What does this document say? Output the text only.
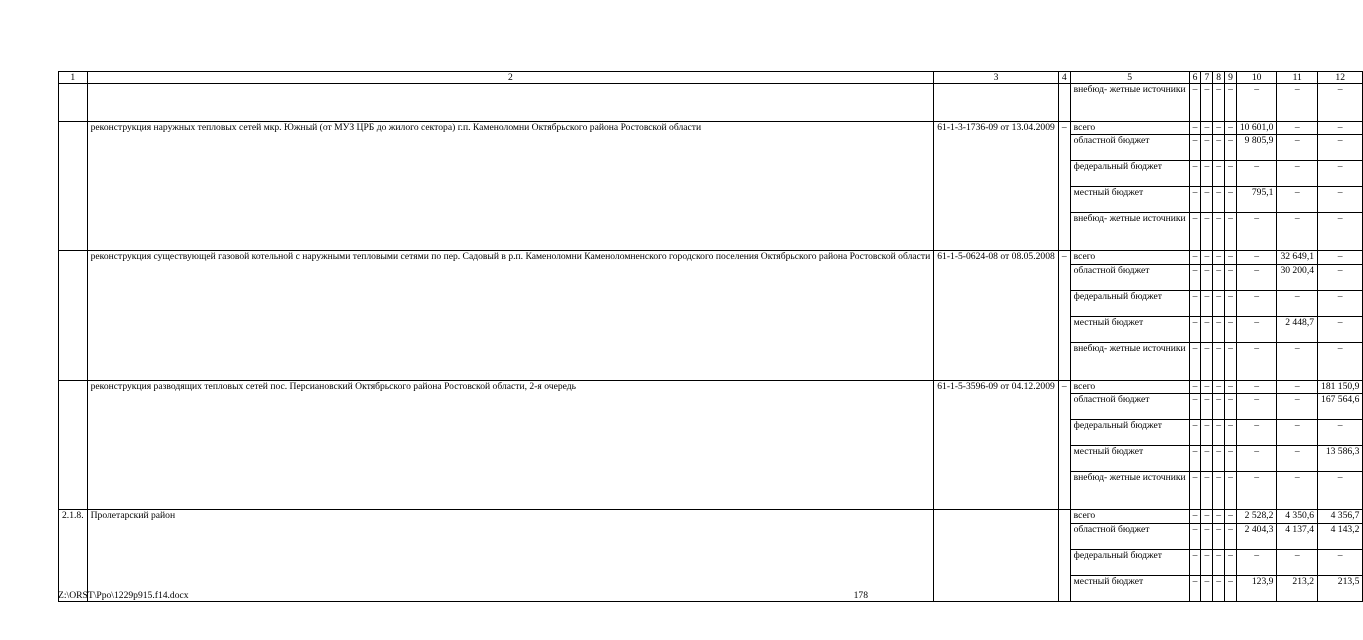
1	2	3	4	5	6	7	8	9	10	11	12
				внебюд- жетные источники	–	–	–	–	–	–	–
	реконструкция наружных тепловых сетей мкр. Южный (от МУЗ ЦРБ до жилого сектора) г.п. Каменоломни Октябрьского района Ростовской области	61-1-3-1736-09 от 13.04.2009	–	всего	–	–	–	–	10 601,0	–	–
				областной бюджет	–	–	–	–	9 805,9	–	–
				федеральный бюджет	–	–	–	–	–	–	–
				местный бюджет	–	–	–	–	795,1	–	–
				внебюд- жетные источники	–	–	–	–	–	–	–
	реконструкция существующей газовой котельной с наружными тепловыми сетями по пер. Садовый в р.п. Каменоломни Каменоломненского городского поселения Октябрьского района Ростовской области	61-1-5-0624-08 от 08.05.2008	–	всего	–	–	–	–	–	32 649,1	–
				областной бюджет	–	–	–	–	–	30 200,4	–
				федеральный бюджет	–	–	–	–	–	–	–
				местный бюджет	–	–	–	–	–	2 448,7	–
				внебюд- жетные источники	–	–	–	–	–	–	–
	реконструкция разводящих тепловых сетей пос. Персиановский Октябрьского района Ростовской области, 2-я очередь	61-1-5-3596-09 от 04.12.2009	–	всего	–	–	–	–	–	–	181 150,9
				областной бюджет	–	–	–	–	–	–	167 564,6
				федеральный бюджет	–	–	–	–	–	–	–
				местный бюджет	–	–	–	–	–	–	13 586,3
				внебюд- жетные источники	–	–	–	–	–	–	–
2.1.8.	Пролетарский район			всего	–	–	–	–	2 528,2	4 350,6	4 356,7
				областной бюджет	–	–	–	–	2 404,3	4 137,4	4 143,2
				федеральный бюджет	–	–	–	–	–	–	–
				местный бюджет	–	–	–	–	123,9	213,2	213,5
Z:\ORST\Ppo\1229p915.f14.docx	178
